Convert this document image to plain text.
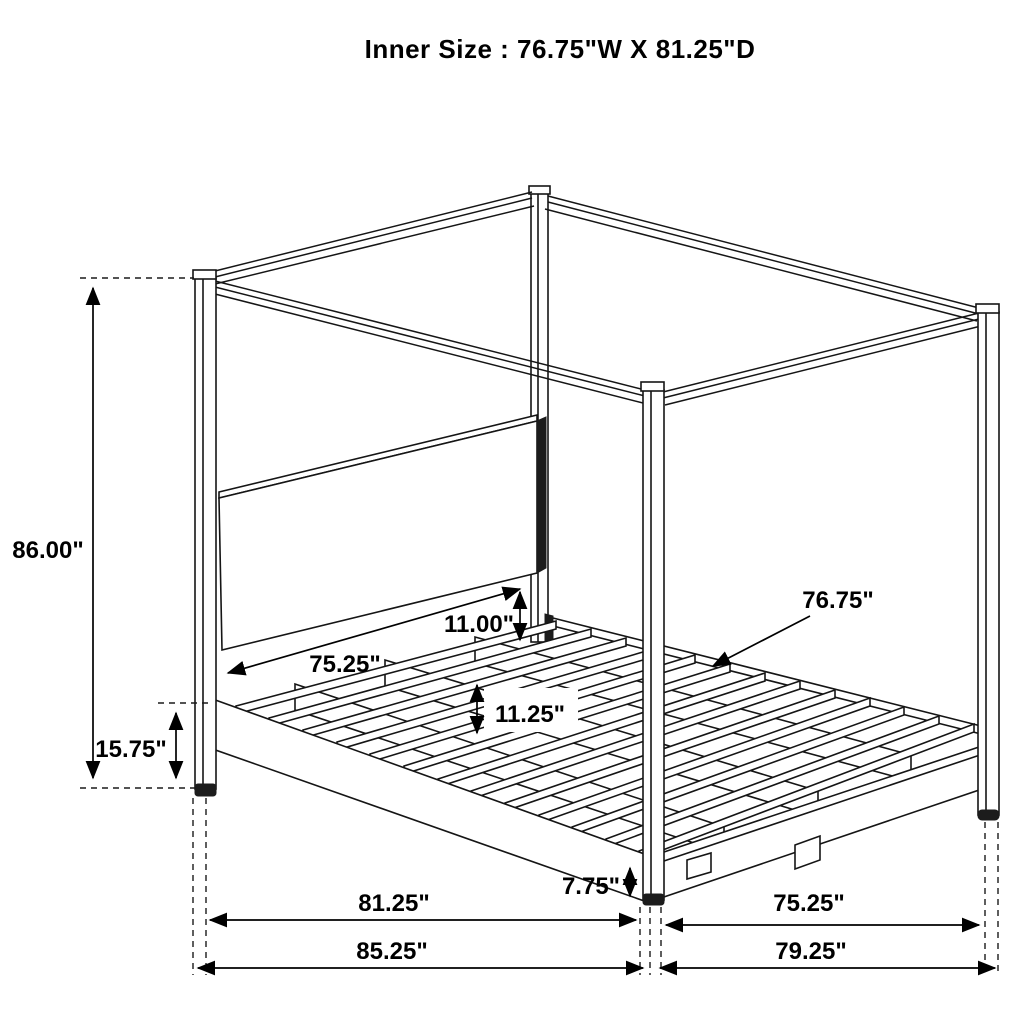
Inner Size : 76.75"W X 81.25"D
86.00"
15.75"
75.25"
11.00"
11.25"
76.75"
7.75"
81.25"
85.25"
75.25"
79.25"
